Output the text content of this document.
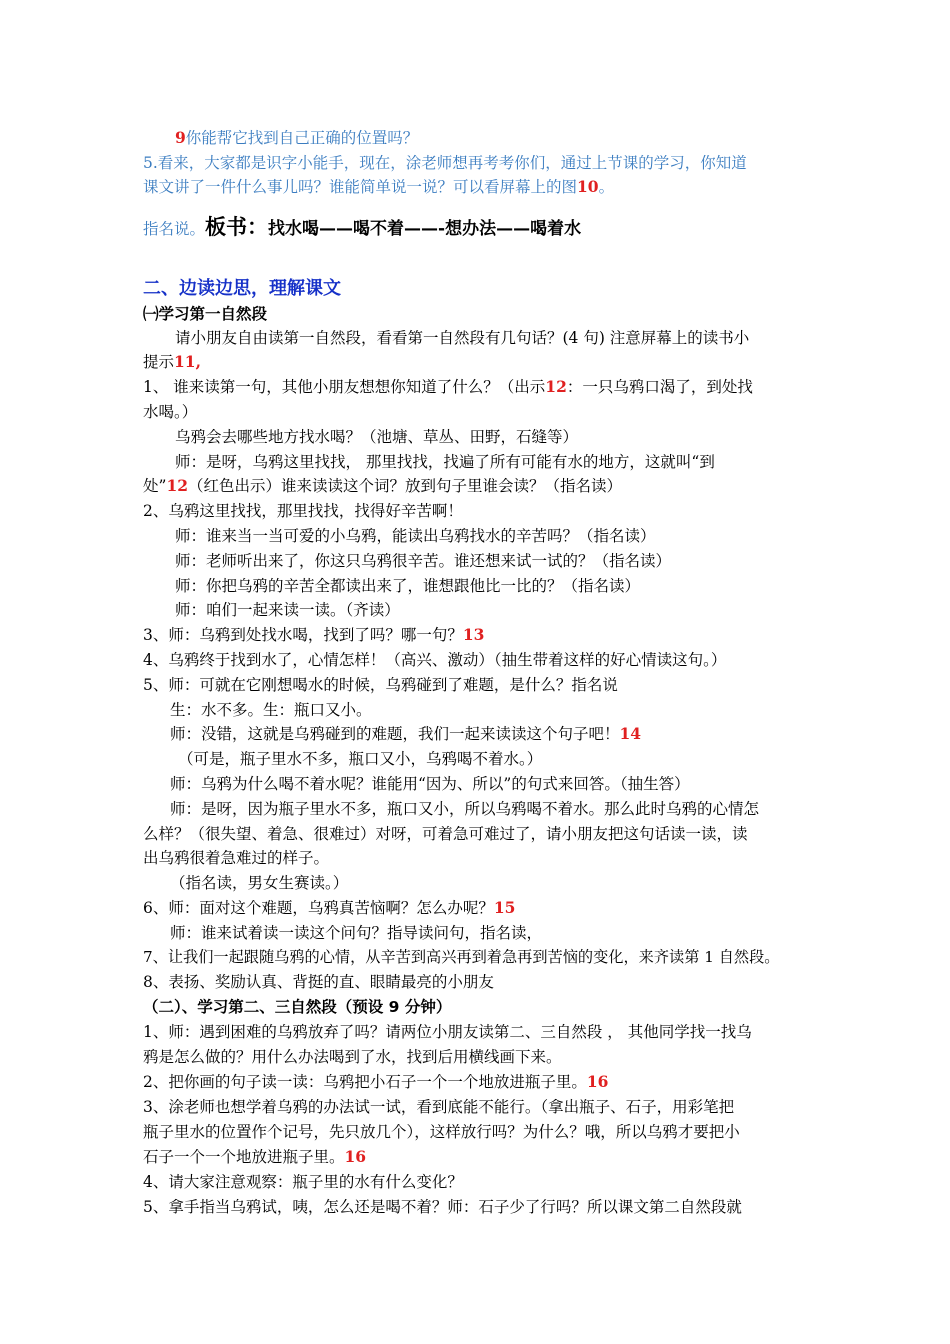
9你能帮它找到自己正确的位置吗？
5.看来，大家都是识字小能手，现在，涂老师想再考考你们，通过上节课的学习，你知道
课文讲了一件什么事儿吗？谁能简单说一说？可以看屏幕上的图10。
指名说。板书：找水喝——喝不着——-想办法——喝着水
二、边读边思，理解课文
㈠学习第一自然段
请小朋友自由读第一自然段，看看第一自然段有几句话？(4 句) 注意屏幕上的读书小
提示11,
1、 谁来读第一句，其他小朋友想想你知道了什么？（出示12：一只乌鸦口渴了，到处找
水喝。）
乌鸦会去哪些地方找水喝？（池塘、草丛、田野，石缝等）
师：是呀，乌鸦这里找找， 那里找找，找遍了所有可能有水的地方，这就叫“到
处”12（红色出示）谁来读读这个词？放到句子里谁会读？（指名读）
2、乌鸦这里找找，那里找找，找得好辛苦啊！
师：谁来当一当可爱的小乌鸦，能读出乌鸦找水的辛苦吗？（指名读）
师：老师听出来了，你这只乌鸦很辛苦。谁还想来试一试的？（指名读）
师：你把乌鸦的辛苦全都读出来了，谁想跟他比一比的？（指名读）
师：咱们一起来读一读。（齐读）
3、师：乌鸦到处找水喝，找到了吗？哪一句？13
4、乌鸦终于找到水了，心情怎样！（高兴、激动）（抽生带着这样的好心情读这句。）
5、师：可就在它刚想喝水的时候，乌鸦碰到了难题，是什么？指名说
生：水不多。生：瓶口又小。
师：没错，这就是乌鸦碰到的难题，我们一起来读读这个句子吧！14
（可是，瓶子里水不多，瓶口又小，乌鸦喝不着水。）
师：乌鸦为什么喝不着水呢？谁能用“因为、所以”的句式来回答。（抽生答）
师：是呀，因为瓶子里水不多，瓶口又小，所以乌鸦喝不着水。那么此时乌鸦的心情怎
么样？（很失望、着急、很难过）对呀，可着急可难过了，请小朋友把这句话读一读，读
出乌鸦很着急难过的样子。
（指名读，男女生赛读。）
6、师：面对这个难题，乌鸦真苦恼啊？怎么办呢？15
师：谁来试着读一读这个问句？指导读问句，指名读，
7、让我们一起跟随乌鸦的心情，从辛苦到高兴再到着急再到苦恼的变化，来齐读第 1 自然段。
8、表扬、奖励认真、背挺的直、眼睛最亮的小朋友
（二）、学习第二、三自然段（预设 9 分钟）
1、师：遇到困难的乌鸦放弃了吗？请两位小朋友读第二、三自然段 ， 其他同学找一找乌
鸦是怎么做的？用什么办法喝到了水，找到后用横线画下来。
2、把你画的句子读一读：乌鸦把小石子一个一个地放进瓶子里。16
3、涂老师也想学着乌鸦的办法试一试，看到底能不能行。（拿出瓶子、石子，用彩笔把
瓶子里水的位置作个记号，先只放几个），这样放行吗？为什么？哦，所以乌鸦才要把小
石子一个一个地放进瓶子里。16
4、请大家注意观察：瓶子里的水有什么变化？
5、拿手指当乌鸦试，咦，怎么还是喝不着？师：石子少了行吗？所以课文第二自然段就
